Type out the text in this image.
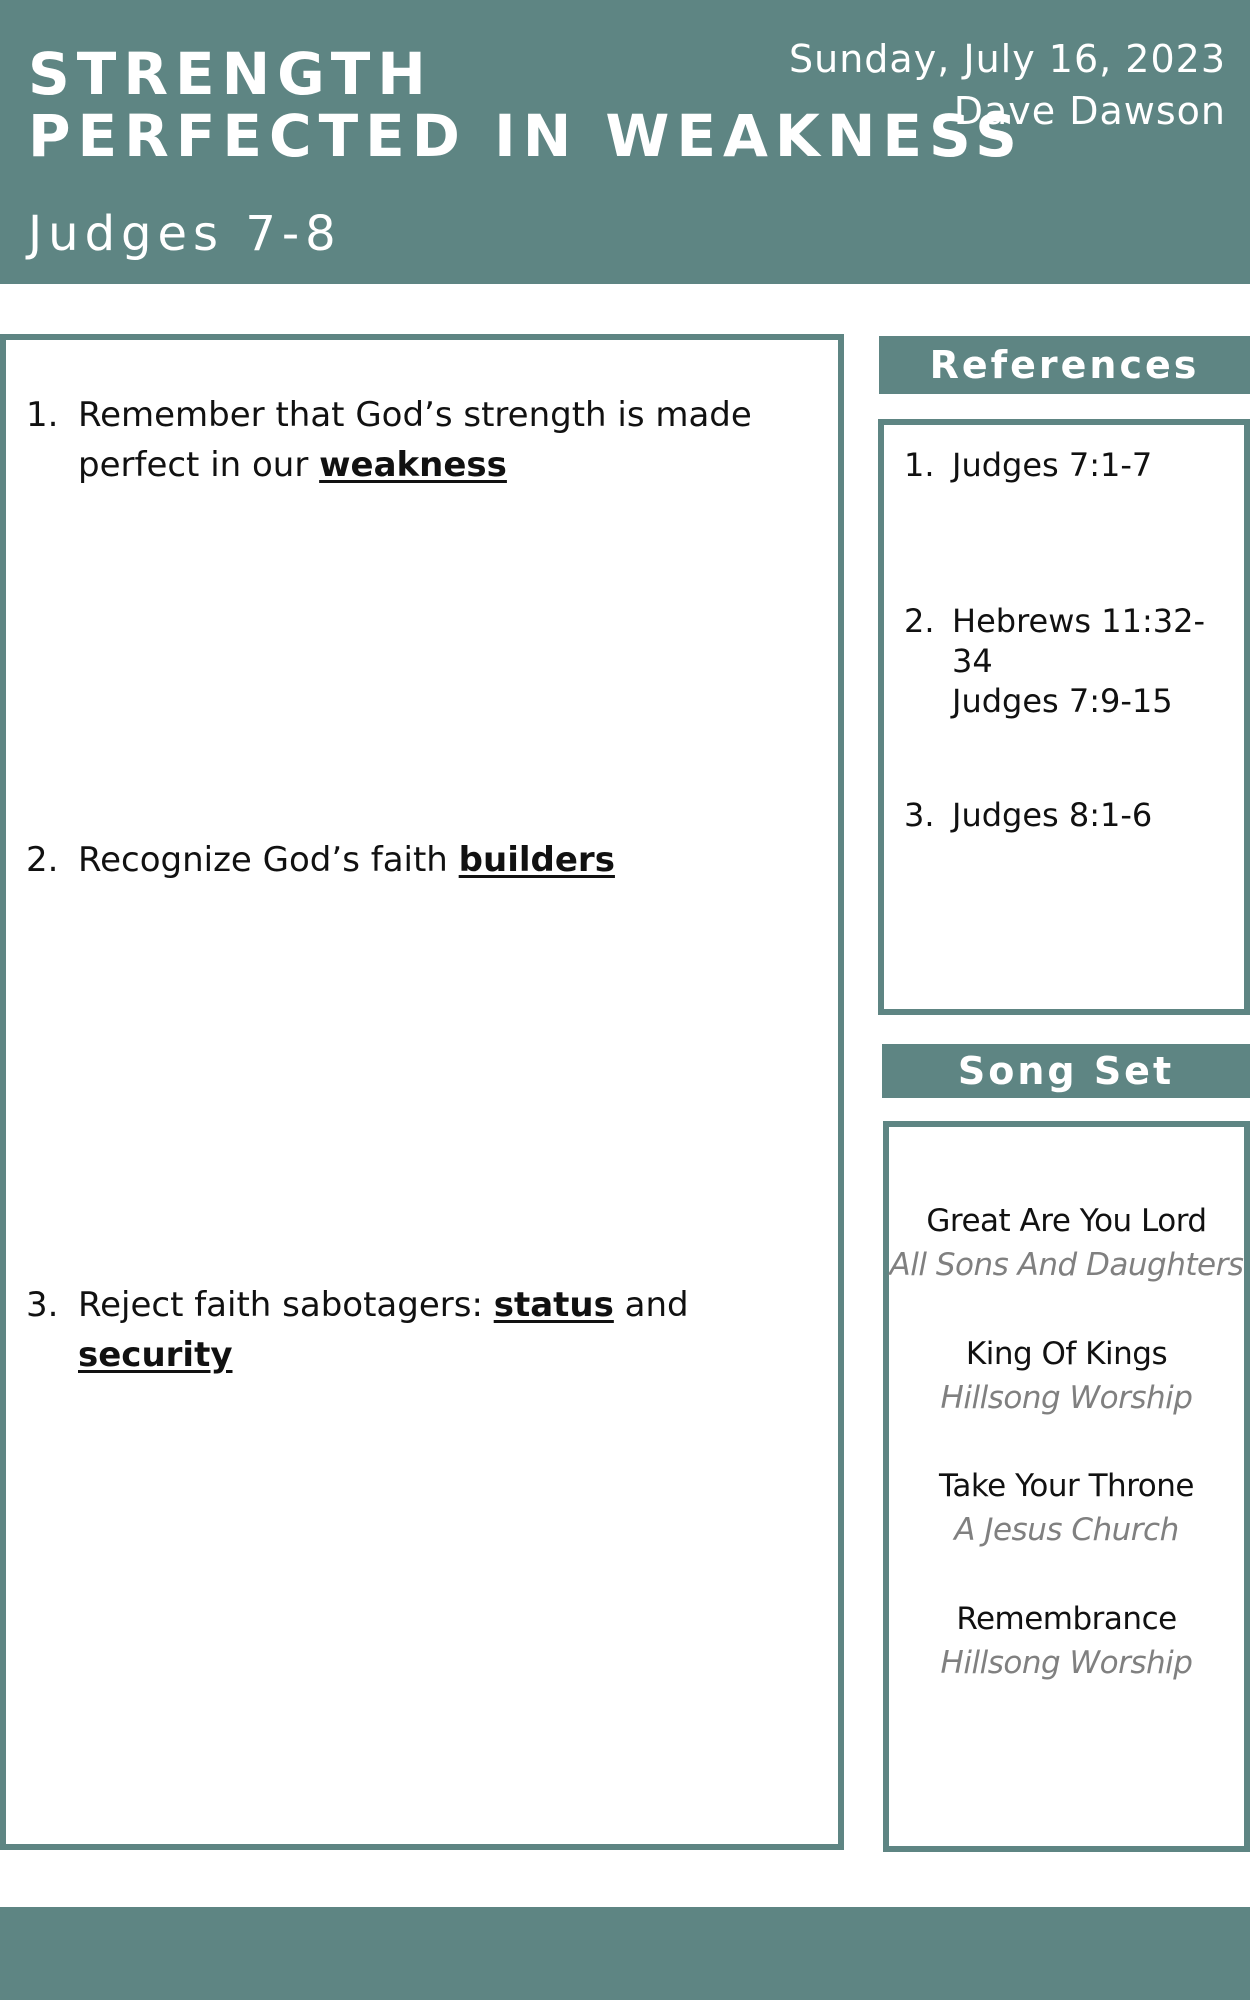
STRENGTH
PERFECTED IN WEAKNESS
Judges 7-8
Sunday, July 16, 2023
Dave Dawson
1. Remember that God’s strength is made perfect in our weakness
2. Recognize God’s faith builders
3. Reject faith sabotagers: status and security
References
1. Judges 7:1-7
2. Hebrews 11:32-34
Judges 7:9-15
3. Judges 8:1-6
Song Set
Great Are You Lord
All Sons And Daughters
King Of Kings
Hillsong Worship
Take Your Throne
A Jesus Church
Remembrance
Hillsong Worship
